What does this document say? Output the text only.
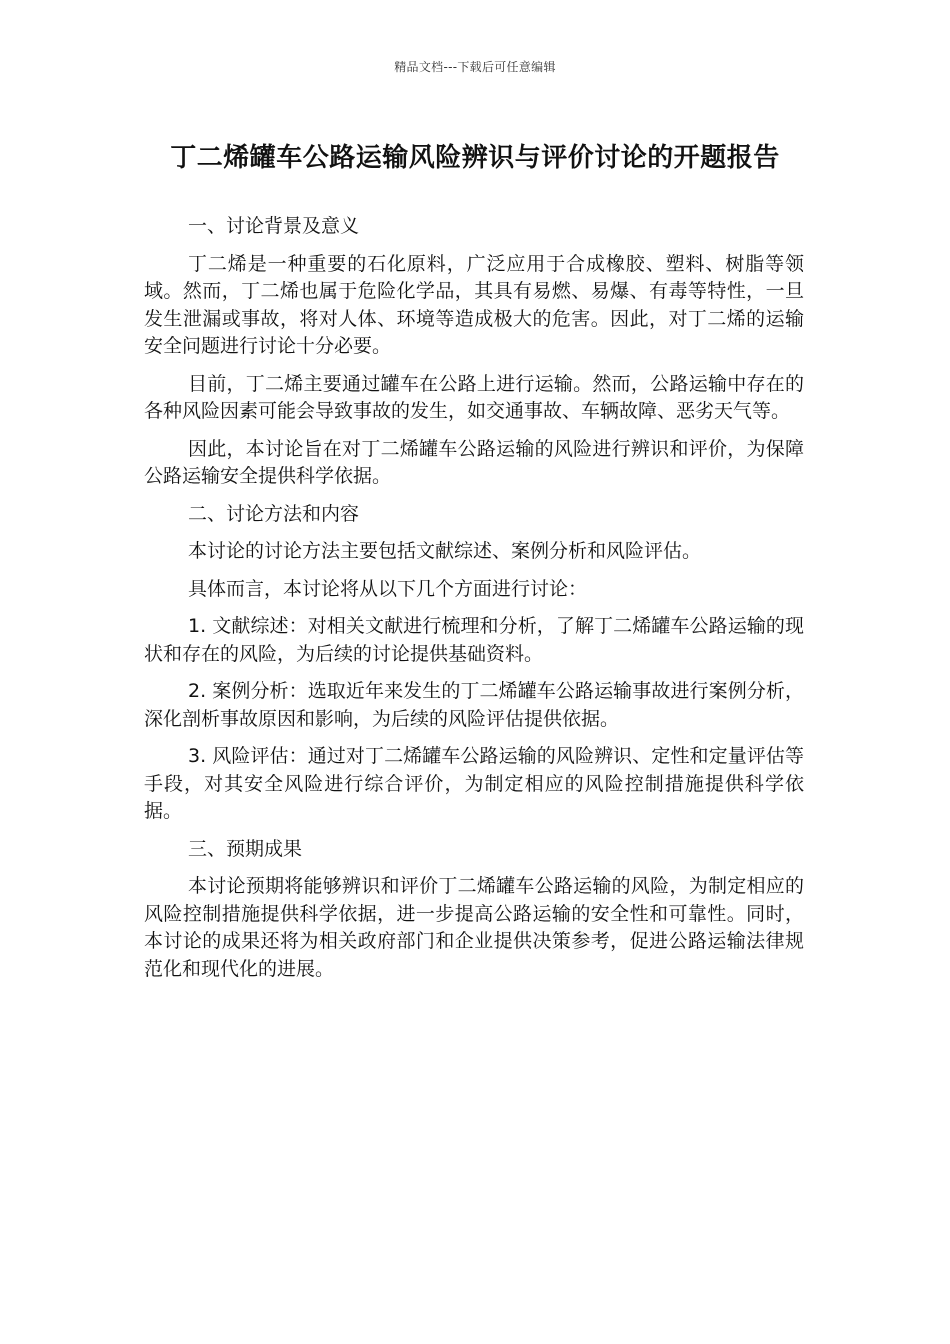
精品文档---下载后可任意编辑
丁二烯罐车公路运输风险辨识与评价讨论的开题报告

一、讨论背景及意义

丁二烯是一种重要的石化原料，广泛应用于合成橡胶、塑料、树脂等领域。然而，丁二烯也属于危险化学品，其具有易燃、易爆、有毒等特性，一旦发生泄漏或事故，将对人体、环境等造成极大的危害。因此，对丁二烯的运输安全问题进行讨论十分必要。

目前，丁二烯主要通过罐车在公路上进行运输。然而，公路运输中存在的各种风险因素可能会导致事故的发生，如交通事故、车辆故障、恶劣天气等。

因此，本讨论旨在对丁二烯罐车公路运输的风险进行辨识和评价，为保障公路运输安全提供科学依据。

二、讨论方法和内容

本讨论的讨论方法主要包括文献综述、案例分析和风险评估。

具体而言，本讨论将从以下几个方面进行讨论：

1. 文献综述：对相关文献进行梳理和分析，了解丁二烯罐车公路运输的现状和存在的风险，为后续的讨论提供基础资料。

2. 案例分析：选取近年来发生的丁二烯罐车公路运输事故进行案例分析，深化剖析事故原因和影响，为后续的风险评估提供依据。

3. 风险评估：通过对丁二烯罐车公路运输的风险辨识、定性和定量评估等手段，对其安全风险进行综合评价，为制定相应的风险控制措施提供科学依据。

三、预期成果

本讨论预期将能够辨识和评价丁二烯罐车公路运输的风险，为制定相应的风险控制措施提供科学依据，进一步提高公路运输的安全性和可靠性。同时，本讨论的成果还将为相关政府部门和企业提供决策参考，促进公路运输法律规范化和现代化的进展。
